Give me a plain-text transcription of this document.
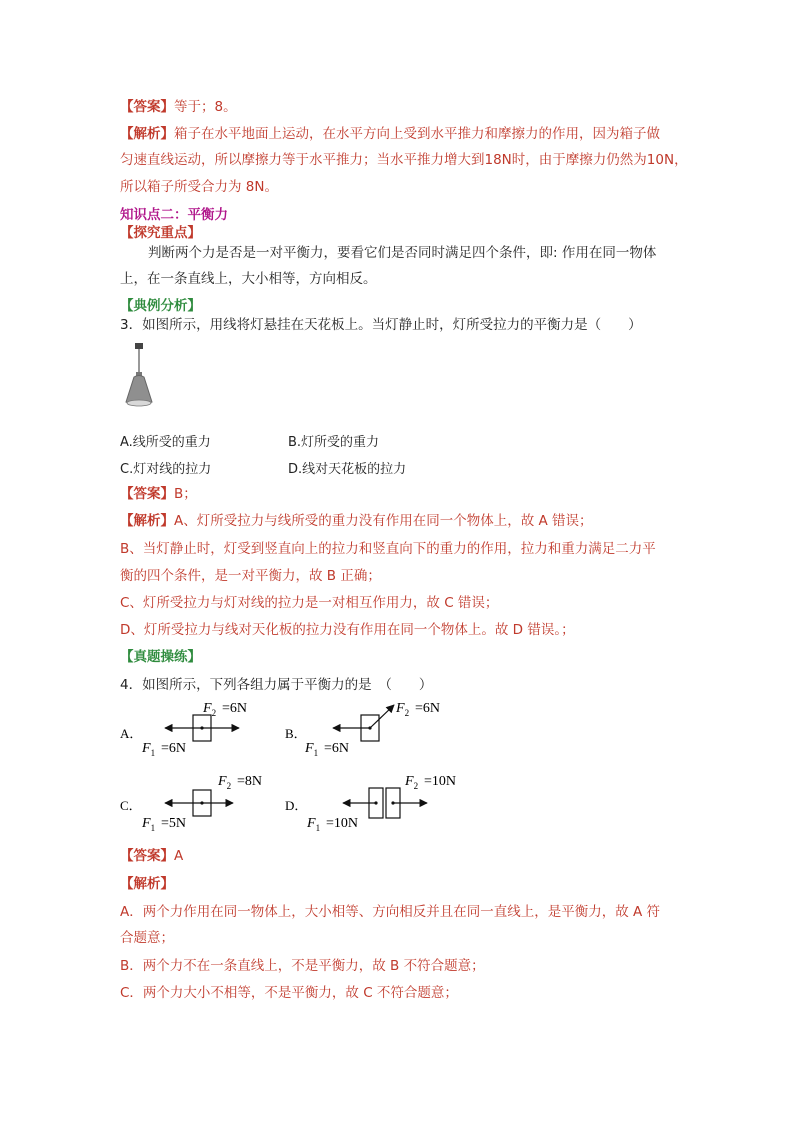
【答案】等于；8。
【解析】箱子在水平地面上运动，在水平方向上受到水平推力和摩擦力的作用，因为箱子做
匀速直线运动，所以摩擦力等于水平推力；当水平推力增大到18N时，由于摩擦力仍然为10N，
所以箱子所受合力为 8N。
知识点二：平衡力
【探究重点】
判断两个力是否是一对平衡力，要看它们是否同时满足四个条件，即: 作用在同一物体
上，在一条直线上，大小相等，方向相反。
【典例分析】
3．如图所示，用线将灯悬挂在天花板上。当灯静止时，灯所受拉力的平衡力是（　　）
A.线所受的重力	B.灯所受的重力
C.灯对线的拉力	D.线对天花板的拉力
【答案】B；
【解析】A、灯所受拉力与线所受的重力没有作用在同一个物体上，故 A 错误；
B、当灯静止时，灯受到竖直向上的拉力和竖直向下的重力的作用，拉力和重力满足二力平
衡的四个条件，是一对平衡力，故 B 正确；
C、灯所受拉力与灯对线的拉力是一对相互作用力，故 C 错误；
D、灯所受拉力与线对天化板的拉力没有作用在同一个物体上。故 D 错误。；
【真题操练】
4．如图所示，下列各组力属于平衡力的是　（　　）
A．
$F_2 =6N$
$F_1 =6N$
B．
$F_2 =6N$
$F_1 =6N$
C．
$F_2 =8N$
$F_1 =5N$
D．
$F_2 =10N$
$F_1 =10N$
【答案】A
【解析】
A．两个力作用在同一物体上，大小相等、方向相反并且在同一直线上，是平衡力，故 A 符
合题意；
B．两个力不在一条直线上，不是平衡力，故 B 不符合题意；
C．两个力大小不相等，不是平衡力，故 C 不符合题意；
